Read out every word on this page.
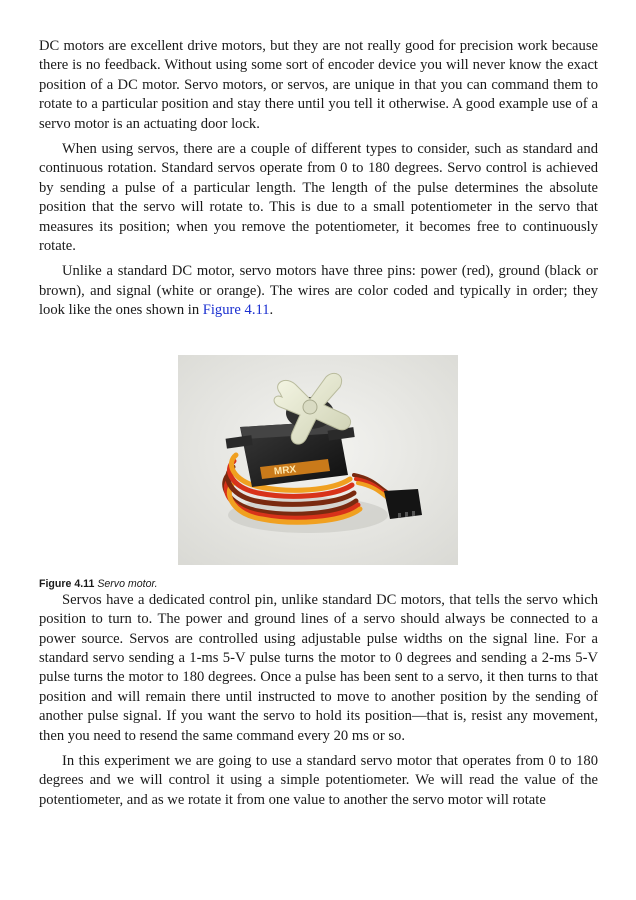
DC motors are excellent drive motors, but they are not really good for precision work because there is no feedback. Without using some sort of encoder device you will never know the exact position of a DC motor. Servo motors, or servos, are unique in that you can command them to rotate to a particular position and stay there until you tell it otherwise. A good example use of a servo motor is an actuating door lock.

When using servos, there are a couple of different types to consider, such as standard and continuous rotation. Standard servos operate from 0 to 180 degrees. Servo control is achieved by sending a pulse of a particular length. The length of the pulse determines the absolute position that the servo will rotate to. This is due to a small potentiometer in the servo that measures its position; when you remove the potentiometer, it becomes free to continuously rotate.

Unlike a standard DC motor, servo motors have three pins: power (red), ground (black or brown), and signal (white or orange). The wires are color coded and typically in order; they look like the ones shown in Figure 4.11.

MRX
Figure 4.11 Servo motor.

Servos have a dedicated control pin, unlike standard DC motors, that tells the servo which position to turn to. The power and ground lines of a servo should always be connected to a power source. Servos are controlled using adjustable pulse widths on the signal line. For a standard servo sending a 1-ms 5-V pulse turns the motor to 0 degrees and sending a 2-ms 5-V pulse turns the motor to 180 degrees. Once a pulse has been sent to a servo, it then turns to that position and will remain there until instructed to move to another position by the sending of another pulse signal. If you want the servo to hold its position—that is, resist any movement, then you need to resend the same command every 20 ms or so.

In this experiment we are going to use a standard servo motor that operates from 0 to 180 degrees and we will control it using a simple potentiometer. We will read the value of the potentiometer, and as we rotate it from one value to another the servo motor will rotate
